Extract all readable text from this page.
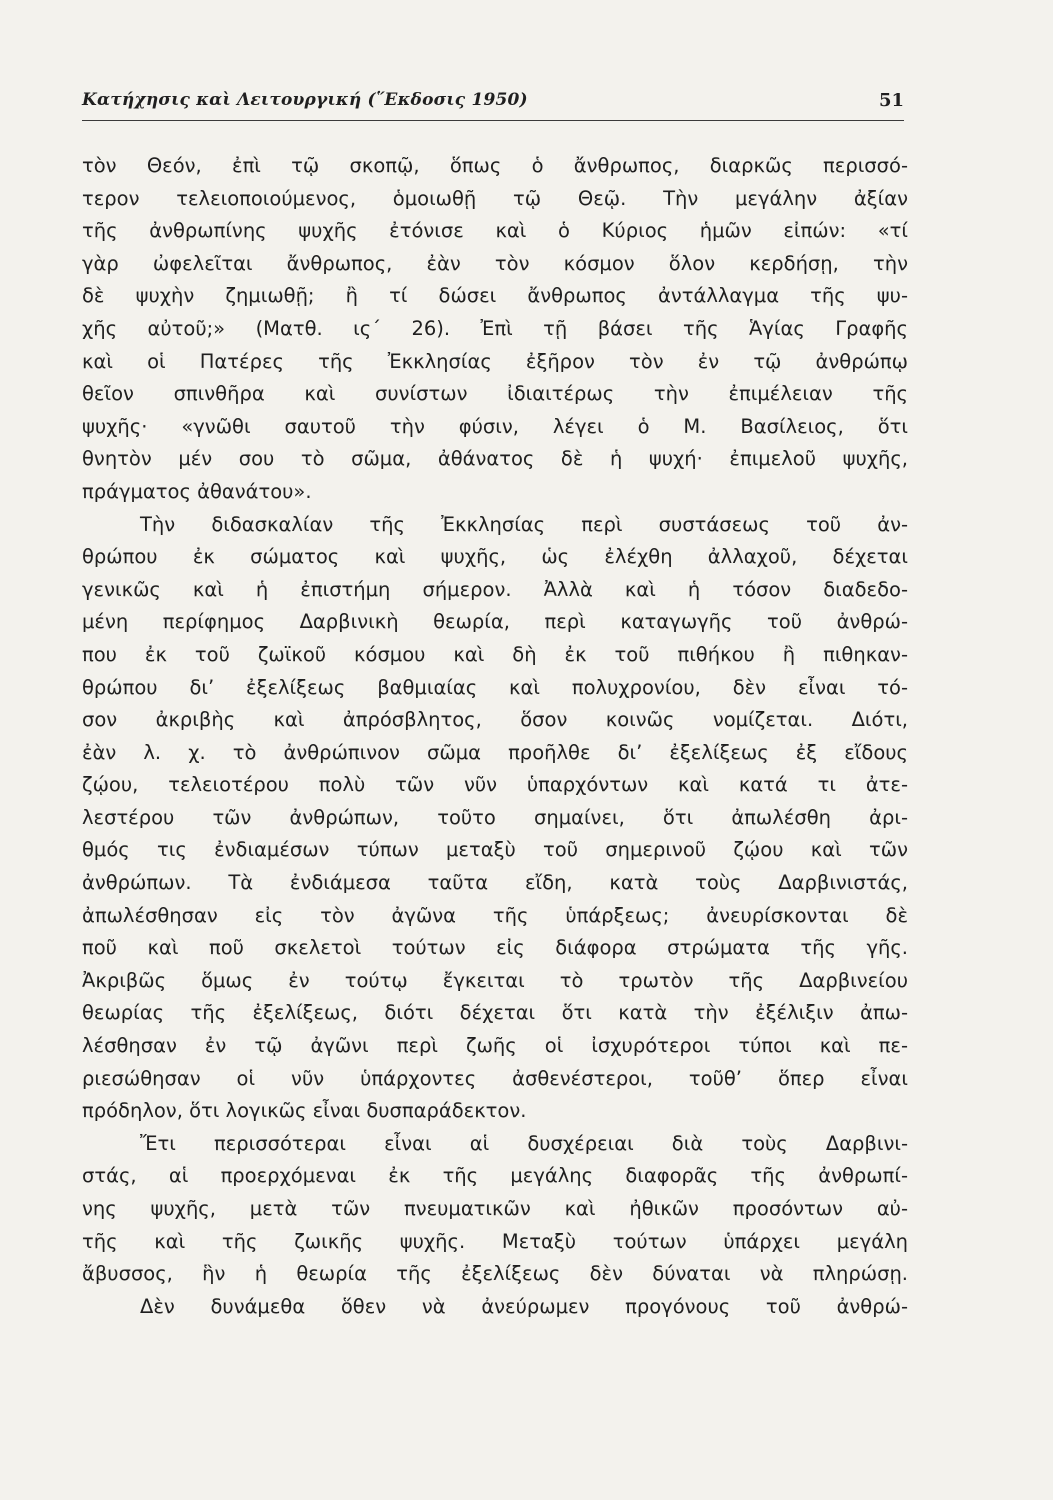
Κατήχησις καὶ Λειτουργική (῞Εκδοσις 1950)	51
τὸν Θεόν, ἐπὶ τῷ σκοπῷ, ὅπως ὁ ἄνθρωπος, διαρκῶς περισσό-
τερον τελειοποιούμενος, ὁμοιωθῇ τῷ Θεῷ. Τὴν μεγάλην ἀξίαν
τῆς ἀνθρωπίνης ψυχῆς ἐτόνισε καὶ ὁ Κύριος ἡμῶν εἰπών: «τί
γὰρ ὠφελεῖται ἄνθρωπος, ἐὰν τὸν κόσμον ὅλον κερδήσῃ, τὴν
δὲ ψυχὴν ζημιωθῇ; ἢ τί δώσει ἄνθρωπος ἀντάλλαγμα τῆς ψυ-
χῆς αὐτοῦ;» (Ματθ. ις΄ 26). Ἐπὶ τῇ βάσει τῆς Ἁγίας Γραφῆς
καὶ οἱ Πατέρες τῆς Ἐκκλησίας ἐξῆρον τὸν ἐν τῷ ἀνθρώπῳ
θεῖον σπινθῆρα καὶ συνίστων ἰδιαιτέρως τὴν ἐπιμέλειαν τῆς
ψυχῆς· «γνῶθι σαυτοῦ τὴν φύσιν, λέγει ὁ Μ. Βασίλειος, ὅτι
θνητὸν μέν σου τὸ σῶμα, ἀθάνατος δὲ ἡ ψυχή· ἐπιμελοῦ ψυχῆς,
πράγματος ἀθανάτου».
Τὴν διδασκαλίαν τῆς Ἐκκλησίας περὶ συστάσεως τοῦ ἀν-
θρώπου ἐκ σώματος καὶ ψυχῆς, ὡς ἐλέχθη ἀλλαχοῦ, δέχεται
γενικῶς καὶ ἡ ἐπιστήμη σήμερον. Ἀλλὰ καὶ ἡ τόσον διαδεδο-
μένη περίφημος Δαρβινικὴ θεωρία, περὶ καταγωγῆς τοῦ ἀνθρώ-
που ἐκ τοῦ ζωϊκοῦ κόσμου καὶ δὴ ἐκ τοῦ πιθήκου ἢ πιθηκαν-
θρώπου δι’ ἐξελίξεως βαθμιαίας καὶ πολυχρονίου, δὲν εἶναι τό-
σον ἀκριβὴς καὶ ἀπρόσβλητος, ὅσον κοινῶς νομίζεται. Διότι,
ἐὰν λ. χ. τὸ ἀνθρώπινον σῶμα προῆλθε δι’ ἐξελίξεως ἐξ εἴδους
ζῴου, τελειοτέρου πολὺ τῶν νῦν ὑπαρχόντων καὶ κατά τι ἀτε-
λεστέρου τῶν ἀνθρώπων, τοῦτο σημαίνει, ὅτι ἀπωλέσθη ἀρι-
θμός τις ἐνδιαμέσων τύπων μεταξὺ τοῦ σημερινοῦ ζῴου καὶ τῶν
ἀνθρώπων. Τὰ ἐνδιάμεσα ταῦτα εἴδη, κατὰ τοὺς Δαρβινιστάς,
ἀπωλέσθησαν εἰς τὸν ἀγῶνα τῆς ὑπάρξεως; ἀνευρίσκονται δὲ
ποῦ καὶ ποῦ σκελετοὶ τούτων εἰς διάφορα στρώματα τῆς γῆς.
Ἀκριβῶς ὅμως ἐν τούτῳ ἔγκειται τὸ τρωτὸν τῆς Δαρβινείου
θεωρίας τῆς ἐξελίξεως, διότι δέχεται ὅτι κατὰ τὴν ἐξέλιξιν ἀπω-
λέσθησαν ἐν τῷ ἀγῶνι περὶ ζωῆς οἱ ἰσχυρότεροι τύποι καὶ πε-
ριεσώθησαν οἱ νῦν ὑπάρχοντες ἀσθενέστεροι, τοῦθ’ ὅπερ εἶναι
πρόδηλον, ὅτι λογικῶς εἶναι δυσπαράδεκτον.
Ἔτι περισσότεραι εἶναι αἱ δυσχέρειαι διὰ τοὺς Δαρβινι-
στάς, αἱ προερχόμεναι ἐκ τῆς μεγάλης διαφορᾶς τῆς ἀνθρωπί-
νης ψυχῆς, μετὰ τῶν πνευματικῶν καὶ ἠθικῶν προσόντων αὐ-
τῆς καὶ τῆς ζωικῆς ψυχῆς. Μεταξὺ τούτων ὑπάρχει μεγάλη
ἄβυσσος, ἣν ἡ θεωρία τῆς ἐξελίξεως δὲν δύναται νὰ πληρώσῃ.
Δὲν δυνάμεθα ὅθεν νὰ ἀνεύρωμεν προγόνους τοῦ ἀνθρώ-
